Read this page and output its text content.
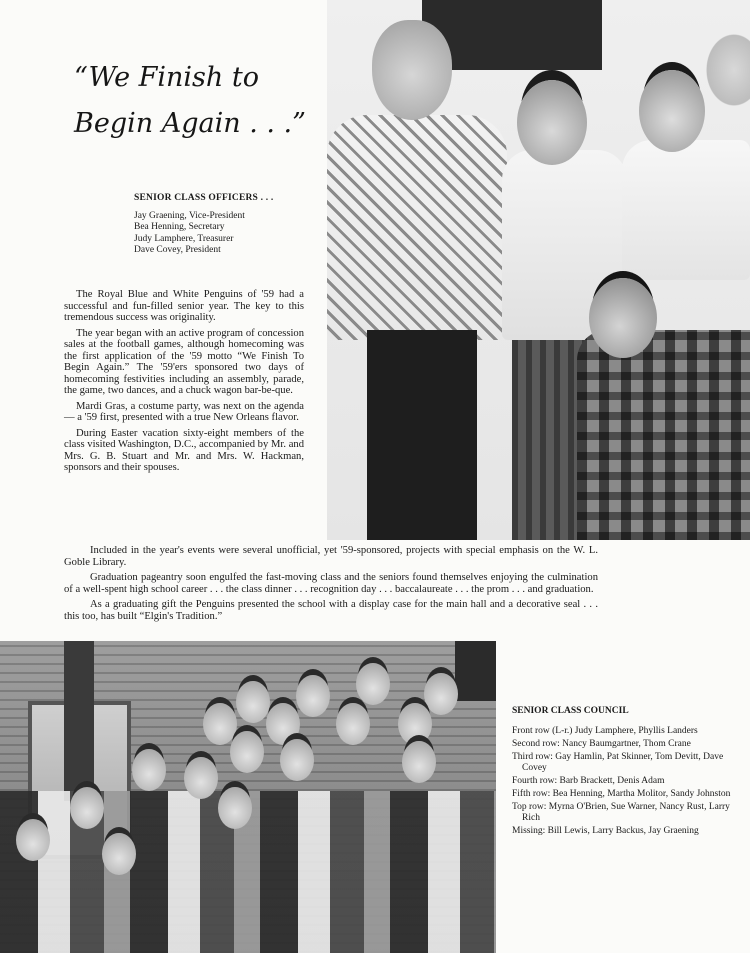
“We Finish to
Begin Again . . .”
SENIOR CLASS OFFICERS . . .
Jay Graening, Vice-President
Bea Henning, Secretary
Judy Lamphere, Treasurer
Dave Covey, President

The Royal Blue and White Penguins of '59 had a successful and fun-filled senior year. The key to this tremendous success was originality.

The year began with an active program of concession sales at the football games, although homecoming was the first application of the '59 motto “We Finish To Begin Again.” The '59'ers sponsored two days of homecoming festivities including an assembly, parade, the game, two dances, and a chuck wagon bar-be-que.

Mardi Gras, a costume party, was next on the agenda — a '59 first, presented with a true New Orleans flavor.

During Easter vacation sixty-eight members of the class visited Washington, D.C., accompanied by Mr. and Mrs. G. B. Stuart and Mr. and Mrs. W. Hackman, sponsors and their spouses.

Included in the year's events were several unofficial, yet '59-sponsored, projects with special emphasis on the W. L. Goble Library.

Graduation pageantry soon engulfed the fast-moving class and the seniors found themselves enjoying the culmination of a well-spent high school career . . . the class dinner . . . recognition day . . . baccalaureate . . . the prom . . . and graduation.

As a graduating gift the Penguins presented the school with a display case for the main hall and a decorative seal . . . this too, has built “Elgin's Tradition.”

SENIOR CLASS COUNCIL
Front row (L-r.) Judy Lamphere, Phyllis Landers
Second row: Nancy Baumgartner, Thom Crane
Third row: Gay Hamlin, Pat Skinner, Tom Devitt, Dave Covey
Fourth row: Barb Brackett, Denis Adam
Fifth row: Bea Henning, Martha Molitor, Sandy Johnston
Top row: Myrna O'Brien, Sue Warner, Nancy Rust, Larry Rich
Missing: Bill Lewis, Larry Backus, Jay Graening
